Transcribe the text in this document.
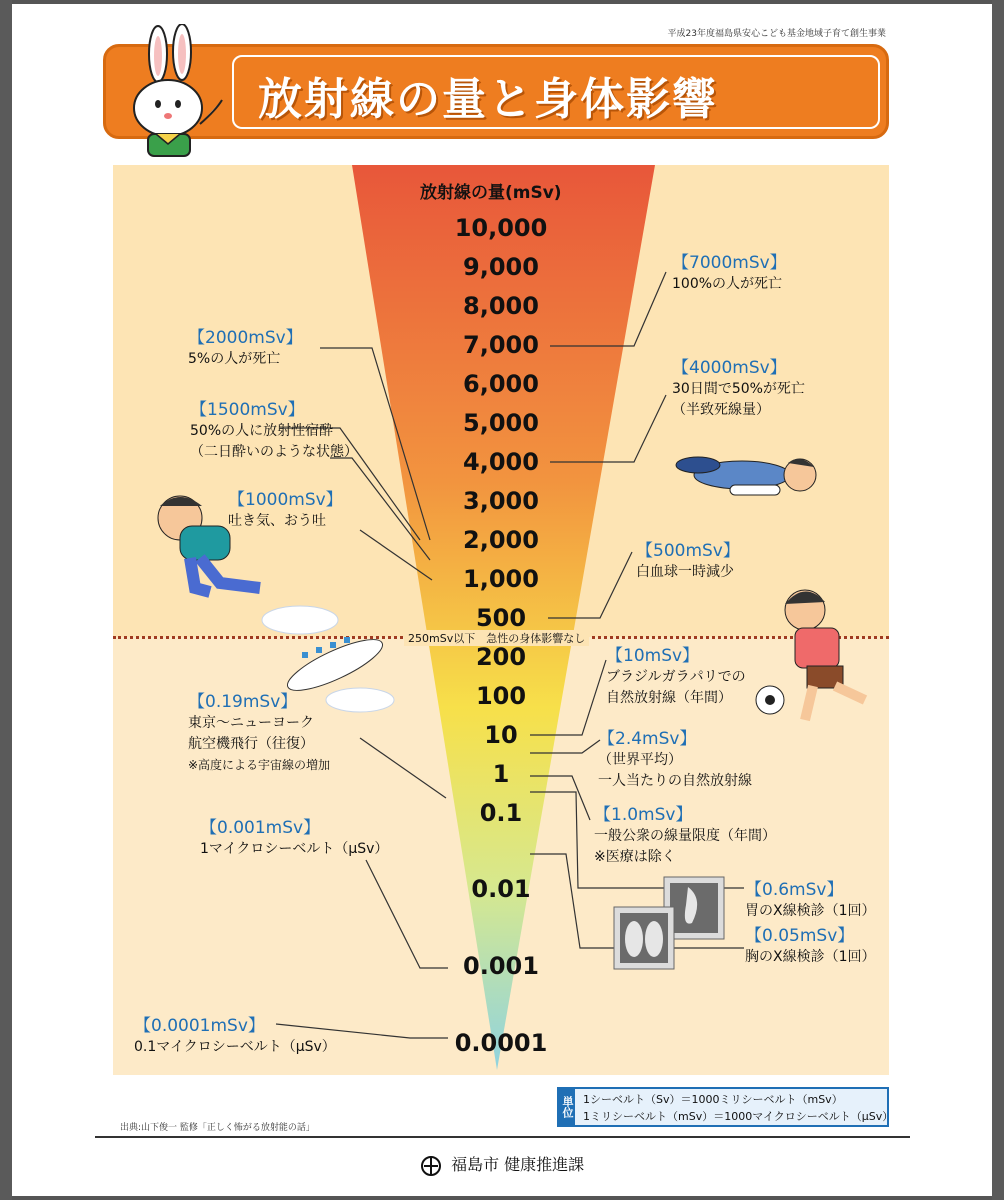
平成23年度福島県安心こども基金地域子育て創生事業
放射線の量と身体影響
250mSv以下　急性の身体影響なし
放射線の量(mSv)
10,000
9,000
8,000
7,000
6,000
5,000
4,000
3,000
2,000
1,000
500
200
100
10
1
0.1
0.01
0.001
0.0001
【7000mSv】
100%の人が死亡
【2000mSv】
5%の人が死亡	【4000mSv】
30日間で50%が死亡
（半致死線量）
【1500mSv】
50%の人に放射性宿酔
（二日酔いのような状態）
【1000mSv】
吐き気、おう吐
【500mSv】
白血球一時減少
【10mSv】
ブラジルガラパリでの
自然放射線（年間）
【0.19mSv】
東京～ニューヨーク
航空機飛行（往復）
※高度による宇宙線の増加
【2.4mSv】
（世界平均）
一人当たりの自然放射線
【1.0mSv】
一般公衆の線量限度（年間）
※医療は除く
【0.001mSv】
1マイクロシーベルト（μSv）
【0.6mSv】
胃のX線検診（1回）
【0.05mSv】
胸のX線検診（1回）
【0.0001mSv】
0.1マイクロシーベルト（μSv）
出典:山下俊一 監修「正しく怖がる放射能の話」
単位 1シーベルト（Sv）＝1000ミリシーベルト（mSv）
1ミリシーベルト（mSv）＝1000マイクロシーベルト（μSv）
福島市 健康推進課
